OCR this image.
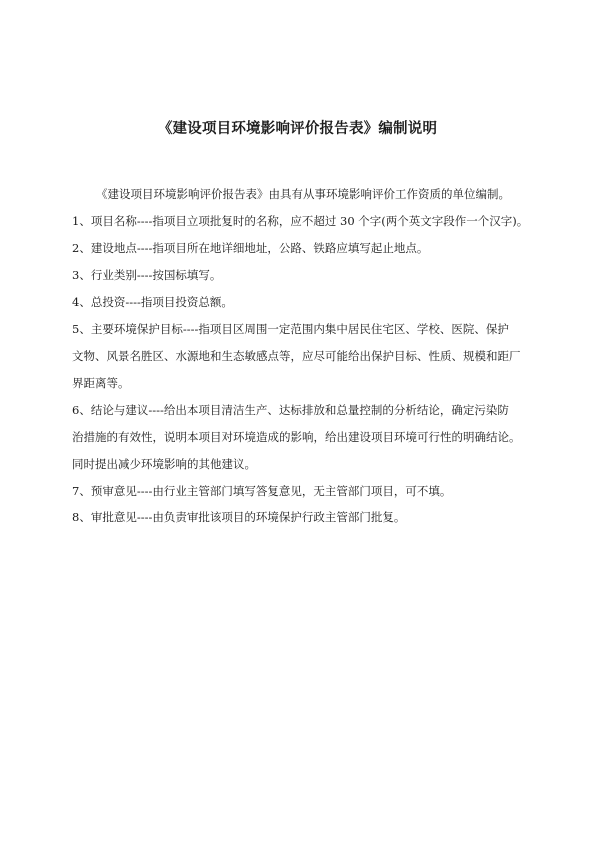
《建设项目环境影响评价报告表》编制说明
《建设项目环境影响评价报告表》由具有从事环境影响评价工作资质的单位编制。
1、项目名称----指项目立项批复时的名称，应不超过 30 个字(两个英文字段作一个汉字)。
2、建设地点----指项目所在地详细地址，公路、铁路应填写起止地点。
3、行业类别----按国标填写。
4、总投资----指项目投资总额。
5、主要环境保护目标----指项目区周围一定范围内集中居民住宅区、学校、医院、保护
文物、风景名胜区、水源地和生态敏感点等，应尽可能给出保护目标、性质、规模和距厂
界距离等。
6、结论与建议----给出本项目清洁生产、达标排放和总量控制的分析结论，确定污染防
治措施的有效性，说明本项目对环境造成的影响，给出建设项目环境可行性的明确结论。
同时提出减少环境影响的其他建议。
7、预审意见----由行业主管部门填写答复意见，无主管部门项目，可不填。
8、审批意见----由负责审批该项目的环境保护行政主管部门批复。
